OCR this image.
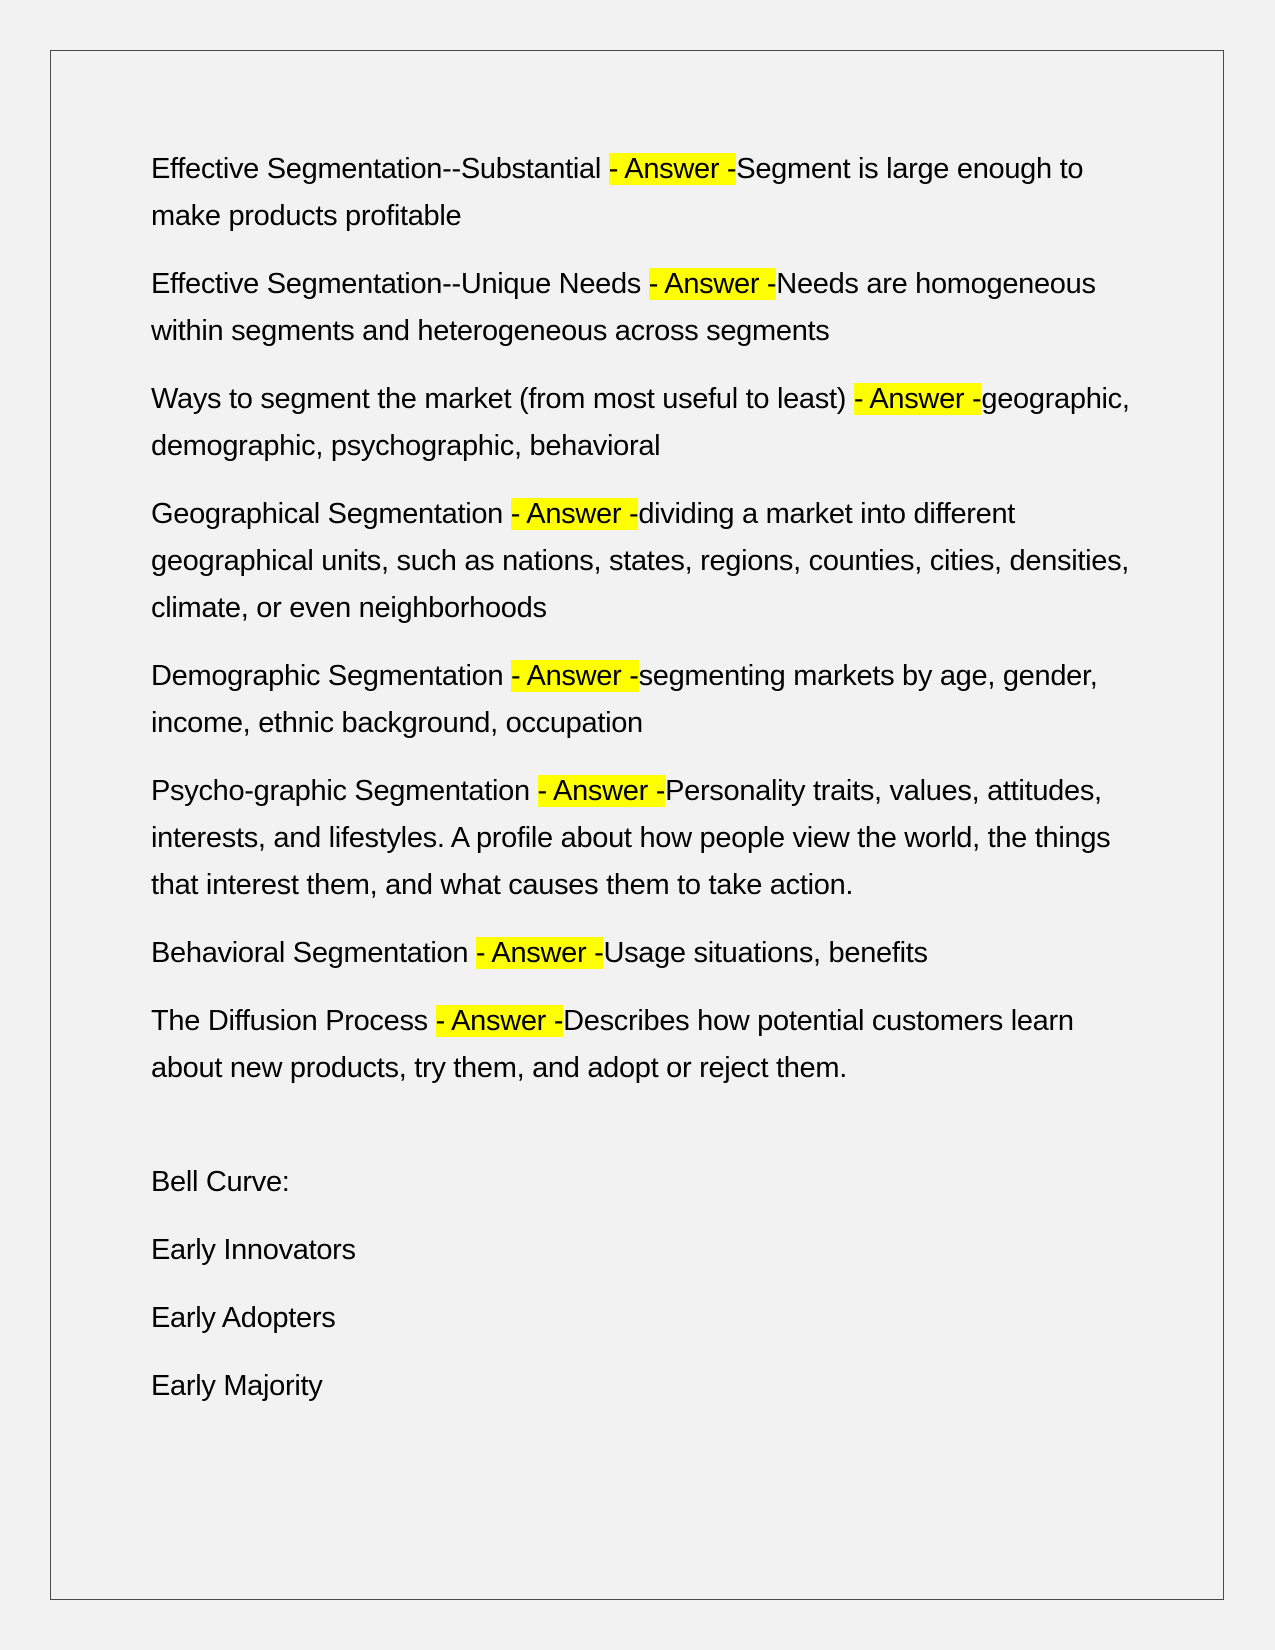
Effective Segmentation--Substantial - Answer -Segment is large enough to make products profitable

Effective Segmentation--Unique Needs - Answer -Needs are homogeneous within segments and heterogeneous across segments

Ways to segment the market (from most useful to least) - Answer -geographic, demographic, psychographic, behavioral

Geographical Segmentation - Answer -dividing a market into different geographical units, such as nations, states, regions, counties, cities, densities, climate, or even neighborhoods

Demographic Segmentation - Answer -segmenting markets by age, gender, income, ethnic background, occupation

Psycho-graphic Segmentation - Answer -Personality traits, values, attitudes, interests, and lifestyles. A profile about how people view the world, the things that interest them, and what causes them to take action.

Behavioral Segmentation - Answer -Usage situations, benefits

The Diffusion Process - Answer -Describes how potential customers learn about new products, try them, and adopt or reject them.

Bell Curve:

Early Innovators

Early Adopters

Early Majority
